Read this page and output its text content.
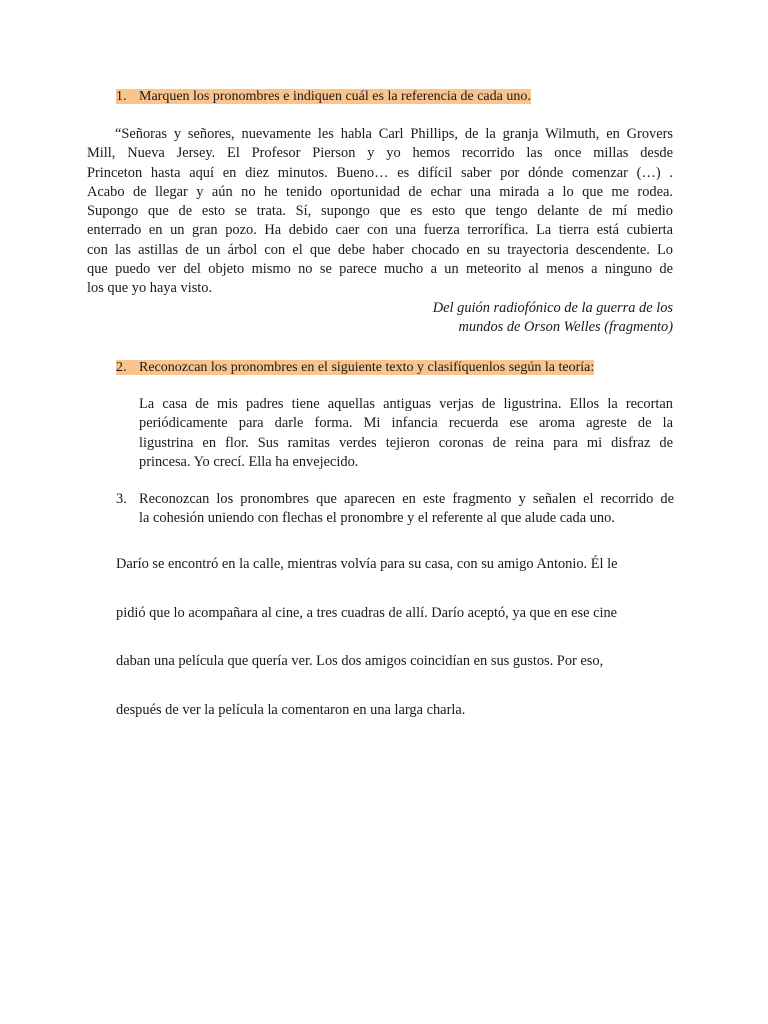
1. Marquen los pronombres e indiquen cuál es la referencia de cada uno.
“Señoras y señores, nuevamente les habla Carl Phillips, de la granja Wilmuth, en Grovers
Mill, Nueva Jersey. El Profesor Pierson y yo hemos recorrido las once millas desde
Princeton hasta aquí en diez minutos. Bueno… es difícil saber por dónde comenzar (…) .
Acabo de llegar y aún no he tenido oportunidad de echar una mirada a lo que me rodea.
Supongo que de esto se trata. Sí, supongo que es esto que tengo delante de mí medio
enterrado en un gran pozo. Ha debido caer con una fuerza terrorífica. La tierra está cubierta
con las astillas de un árbol con el que debe haber chocado en su trayectoria descendente. Lo
que puedo ver del objeto mismo no se parece mucho a un meteorito al menos a ninguno de
los que yo haya visto.
Del guión radiofónico de la guerra de los
mundos de Orson Welles (fragmento)
2. Reconozcan los pronombres en el siguiente texto y clasifíquenlos según la teoría:
La casa de mis padres tiene aquellas antiguas verjas de ligustrina. Ellos la recortan
periódicamente para darle forma. Mi infancia recuerda ese aroma agreste de la
ligustrina en flor. Sus ramitas verdes tejieron coronas de reina para mi disfraz de
princesa. Yo crecí. Ella ha envejecido.
3. Reconozcan los pronombres que aparecen en este fragmento y señalen el recorrido de
la cohesión uniendo con flechas el pronombre y el referente al que alude cada uno.
Darío se encontró en la calle, mientras volvía para su casa, con su amigo Antonio. Él le
pidió que lo acompañara al cine, a tres cuadras de allí. Darío aceptó, ya que en ese cine
daban una película que quería ver. Los dos amigos coincidían en sus gustos. Por eso,
después de ver la película la comentaron en una larga charla.
